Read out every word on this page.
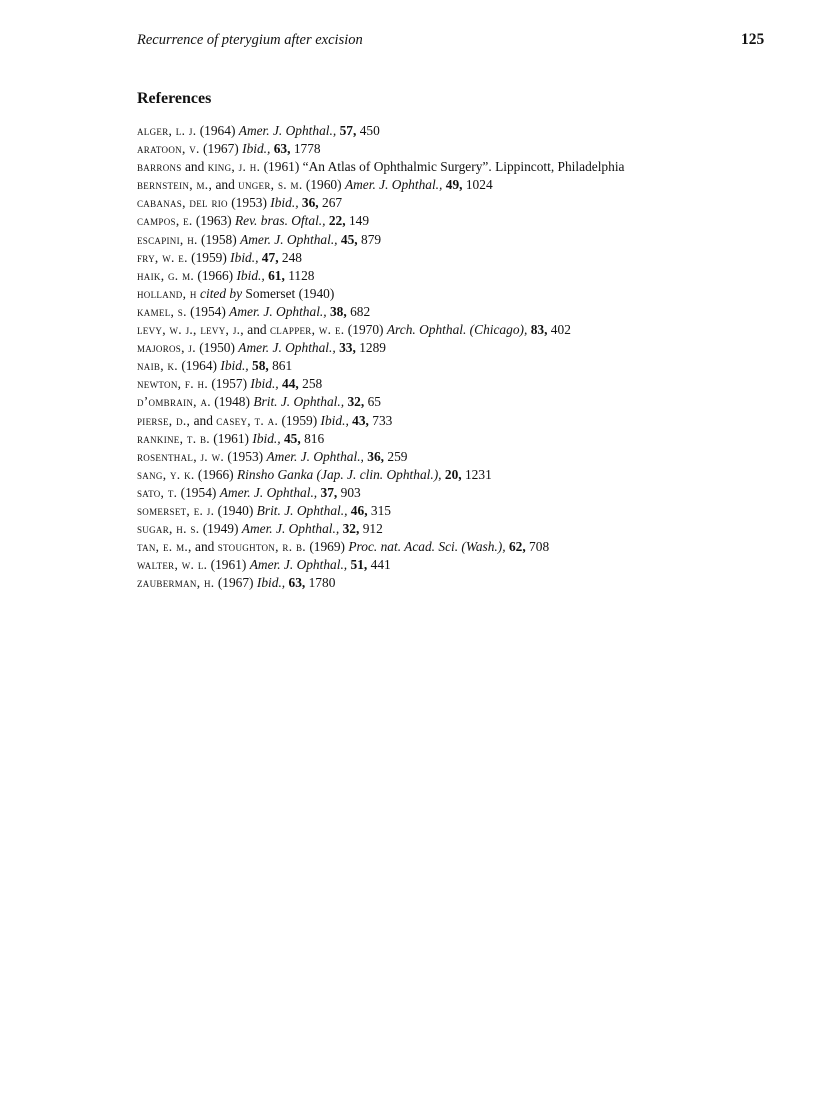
Recurrence of pterygium after excision	125
References
alger, l. j. (1964) Amer. J. Ophthal., 57, 450
aratoon, v. (1967) Ibid., 63, 1778
barrons and king, j. h. (1961) “An Atlas of Ophthalmic Surgery”. Lippincott, Philadelphia
bernstein, m., and unger, s. m. (1960) Amer. J. Ophthal., 49, 1024
cabanas, del rio (1953) Ibid., 36, 267
campos, e. (1963) Rev. bras. Oftal., 22, 149
escapini, h. (1958) Amer. J. Ophthal., 45, 879
fry, w. e. (1959) Ibid., 47, 248
haik, g. m. (1966) Ibid., 61, 1128
holland, h cited by Somerset (1940)
kamel, s. (1954) Amer. J. Ophthal., 38, 682
levy, w. j., levy, j., and clapper, w. e. (1970) Arch. Ophthal. (Chicago), 83, 402
majoros, j. (1950) Amer. J. Ophthal., 33, 1289
naib, k. (1964) Ibid., 58, 861
newton, f. h. (1957) Ibid., 44, 258
d’ombrain, a. (1948) Brit. J. Ophthal., 32, 65
pierse, d., and casey, t. a. (1959) Ibid., 43, 733
rankine, t. b. (1961) Ibid., 45, 816
rosenthal, j. w. (1953) Amer. J. Ophthal., 36, 259
sang, y. k. (1966) Rinsho Ganka (Jap. J. clin. Ophthal.), 20, 1231
sato, t. (1954) Amer. J. Ophthal., 37, 903
somerset, e. j. (1940) Brit. J. Ophthal., 46, 315
sugar, h. s. (1949) Amer. J. Ophthal., 32, 912
tan, e. m., and stoughton, r. b. (1969) Proc. nat. Acad. Sci. (Wash.), 62, 708
walter, w. l. (1961) Amer. J. Ophthal., 51, 441
zauberman, h. (1967) Ibid., 63, 1780
